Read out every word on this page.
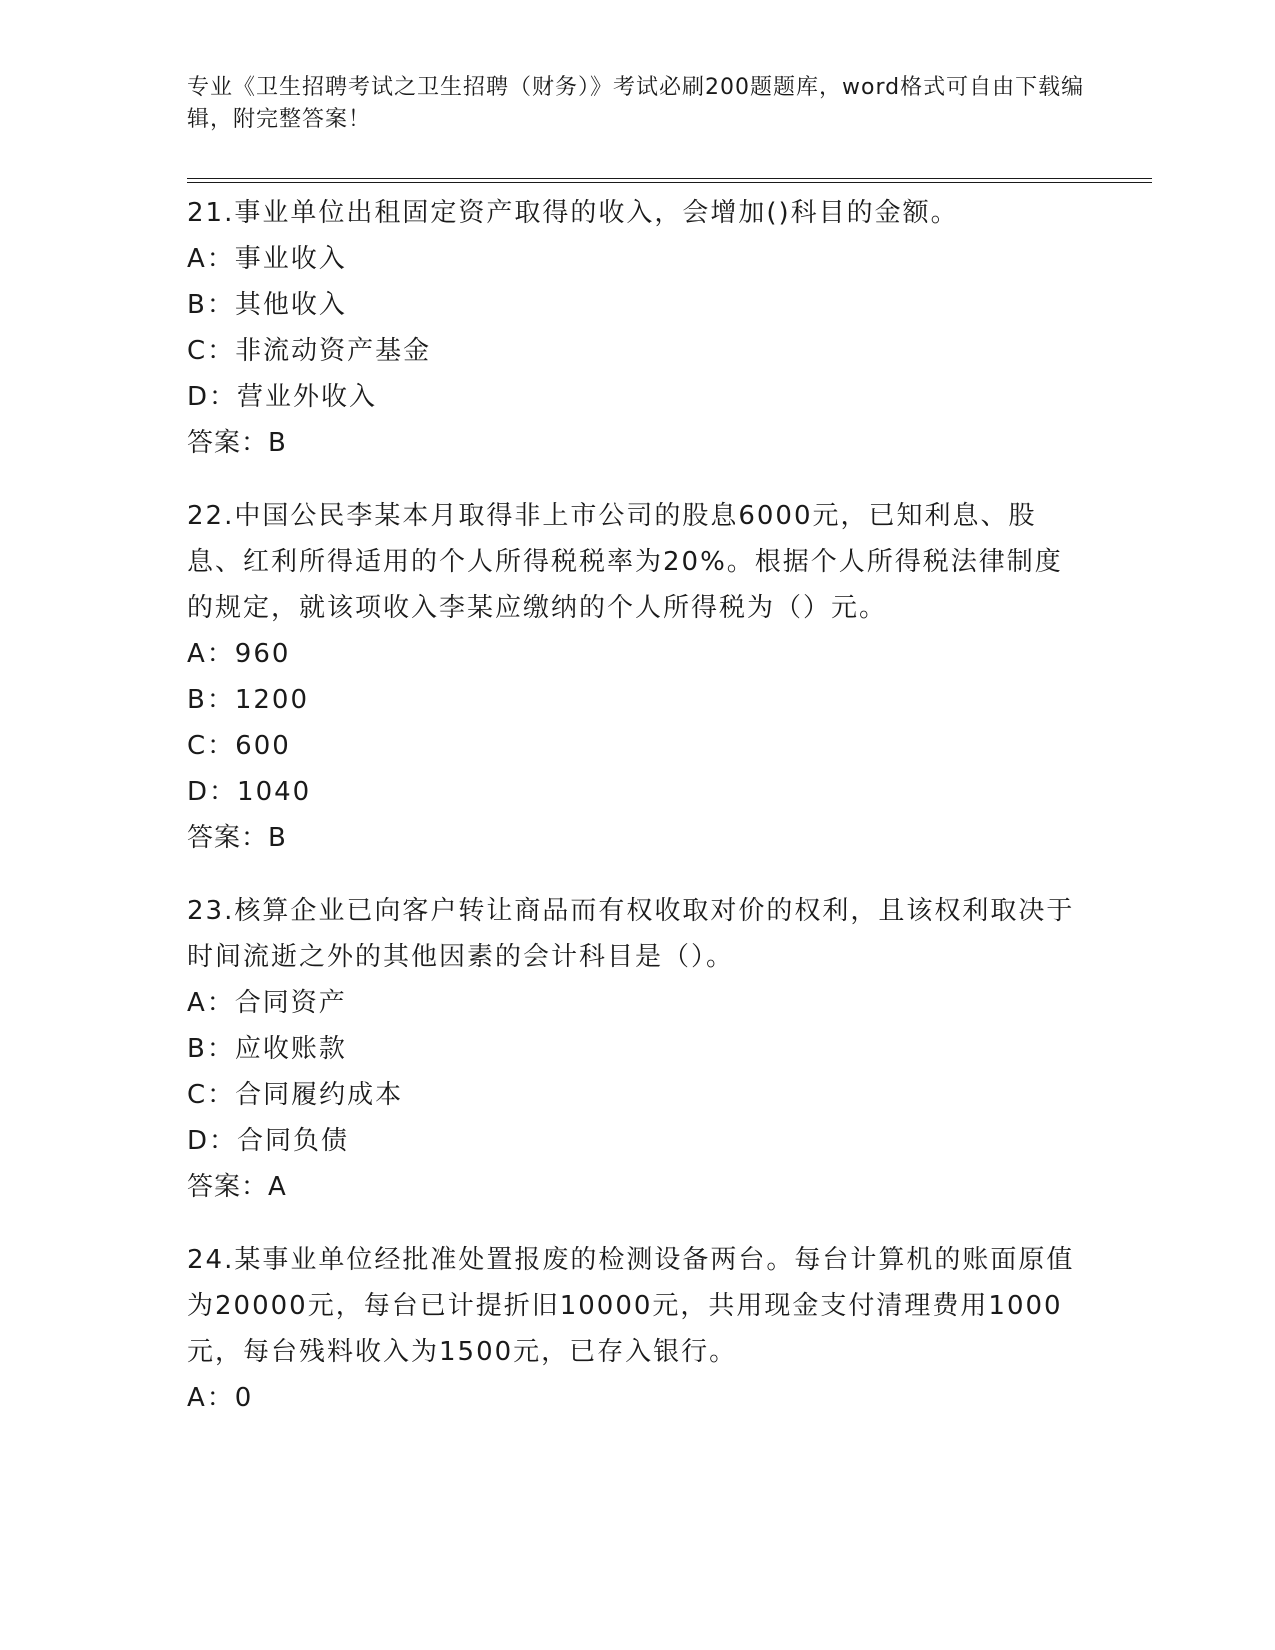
专业《卫生招聘考试之卫生招聘（财务）》考试必刷200题题库，word格式可自由下载编辑，附完整答案！
21.事业单位出租固定资产取得的收入，会增加()科目的金额。
A：事业收入
B：其他收入
C：非流动资产基金
D：营业外收入
答案：B
22.中国公民李某本月取得非上市公司的股息6000元，已知利息、股息、红利所得适用的个人所得税税率为20%。根据个人所得税法律制度的规定，就该项收入李某应缴纳的个人所得税为（）元。
A：960
B：1200
C：600
D：1040
答案：B
23.核算企业已向客户转让商品而有权收取对价的权利，且该权利取决于时间流逝之外的其他因素的会计科目是（）。
A：合同资产
B：应收账款
C：合同履约成本
D：合同负债
答案：A
24.某事业单位经批准处置报废的检测设备两台。每台计算机的账面原值为20000元，每台已计提折旧10000元，共用现金支付清理费用1000元，每台残料收入为1500元，已存入银行。
A：0
